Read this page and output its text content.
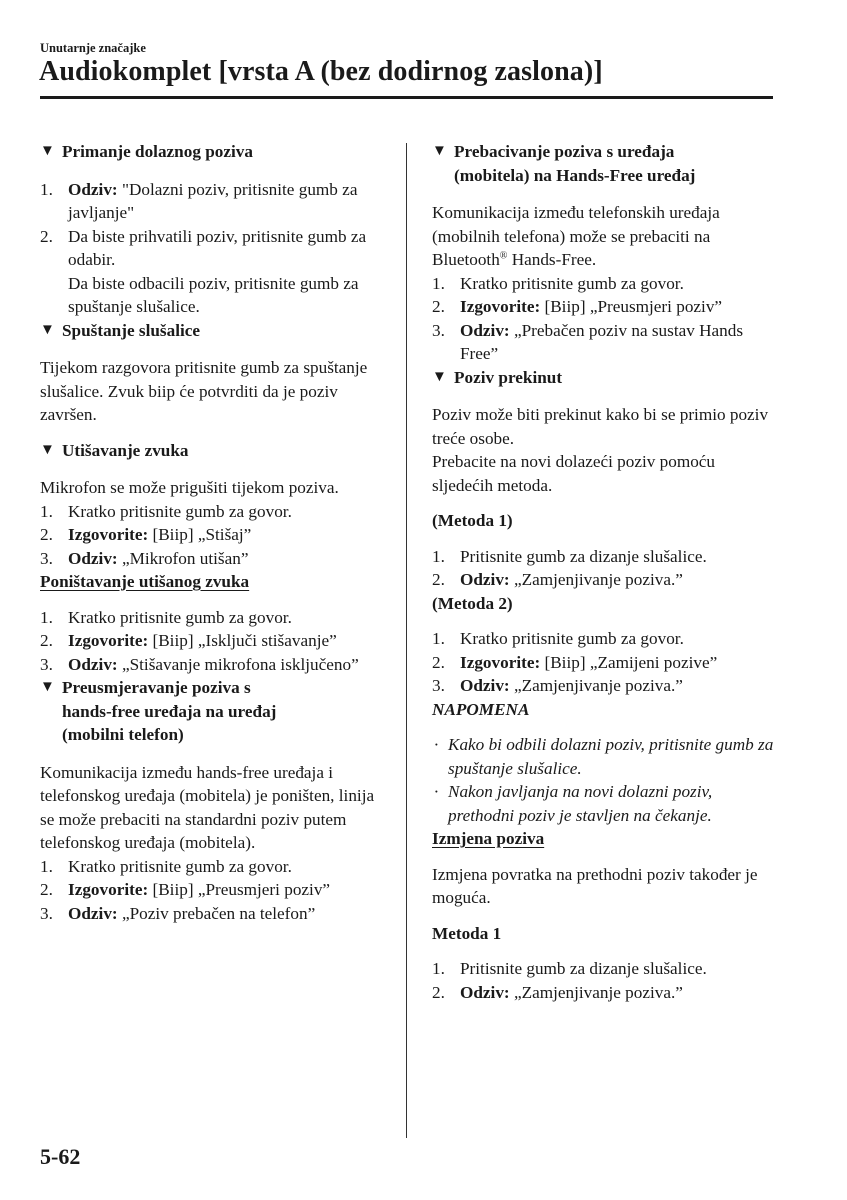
Unutarnje značajke
Audiokomplet [vrsta A (bez dodirnog zaslona)]
▼ Primanje dolaznog poziva
1. Odziv: "Dolazni poziv, pritisnite gumb za javljanje"
2. Da biste prihvatili poziv, pritisnite gumb za odabir.
Da biste odbacili poziv, pritisnite gumb za spuštanje slušalice.
▼ Spuštanje slušalice
Tijekom razgovora pritisnite gumb za spuštanje slušalice. Zvuk biip će potvrditi da je poziv završen.
▼ Utišavanje zvuka
Mikrofon se može prigušiti tijekom poziva.
1. Kratko pritisnite gumb za govor.
2. Izgovorite: [Biip] „Stišaj”
3. Odziv: „Mikrofon utišan”
Poništavanje utišanog zvuka
1. Kratko pritisnite gumb za govor.
2. Izgovorite: [Biip] „Isključi stišavanje”
3. Odziv: „Stišavanje mikrofona isključeno”
▼ Preusmjeravanje poziva s
hands-free uređaja na uređaj
(mobilni telefon)
Komunikacija između hands-free uređaja i telefonskog uređaja (mobitela) je poništen, linija se može prebaciti na standardni poziv putem telefonskog uređaja (mobitela).
1. Kratko pritisnite gumb za govor.
2. Izgovorite: [Biip] „Preusmjeri poziv”
3. Odziv: „Poziv prebačen na telefon”
▼ Prebacivanje poziva s uređaja
(mobitela) na Hands-Free uređaj
Komunikacija između telefonskih uređaja (mobilnih telefona) može se prebaciti na Bluetooth® Hands-Free.
1. Kratko pritisnite gumb za govor.
2. Izgovorite: [Biip] „Preusmjeri poziv”
3. Odziv: „Prebačen poziv na sustav Hands Free”
▼ Poziv prekinut
Poziv može biti prekinut kako bi se primio poziv treće osobe.
Prebacite na novi dolazeći poziv pomoću sljedećih metoda.
(Metoda 1)
1. Pritisnite gumb za dizanje slušalice.
2. Odziv: „Zamjenjivanje poziva.”
(Metoda 2)
1. Kratko pritisnite gumb za govor.
2. Izgovorite: [Biip] „Zamijeni pozive”
3. Odziv: „Zamjenjivanje poziva.”
NAPOMENA
· Kako bi odbili dolazni poziv, pritisnite gumb za spuštanje slušalice.
· Nakon javljanja na novi dolazni poziv, prethodni poziv je stavljen na čekanje.
Izmjena poziva
Izmjena povratka na prethodni poziv također je moguća.
Metoda 1
1. Pritisnite gumb za dizanje slušalice.
2. Odziv: „Zamjenjivanje poziva.”
5-62
